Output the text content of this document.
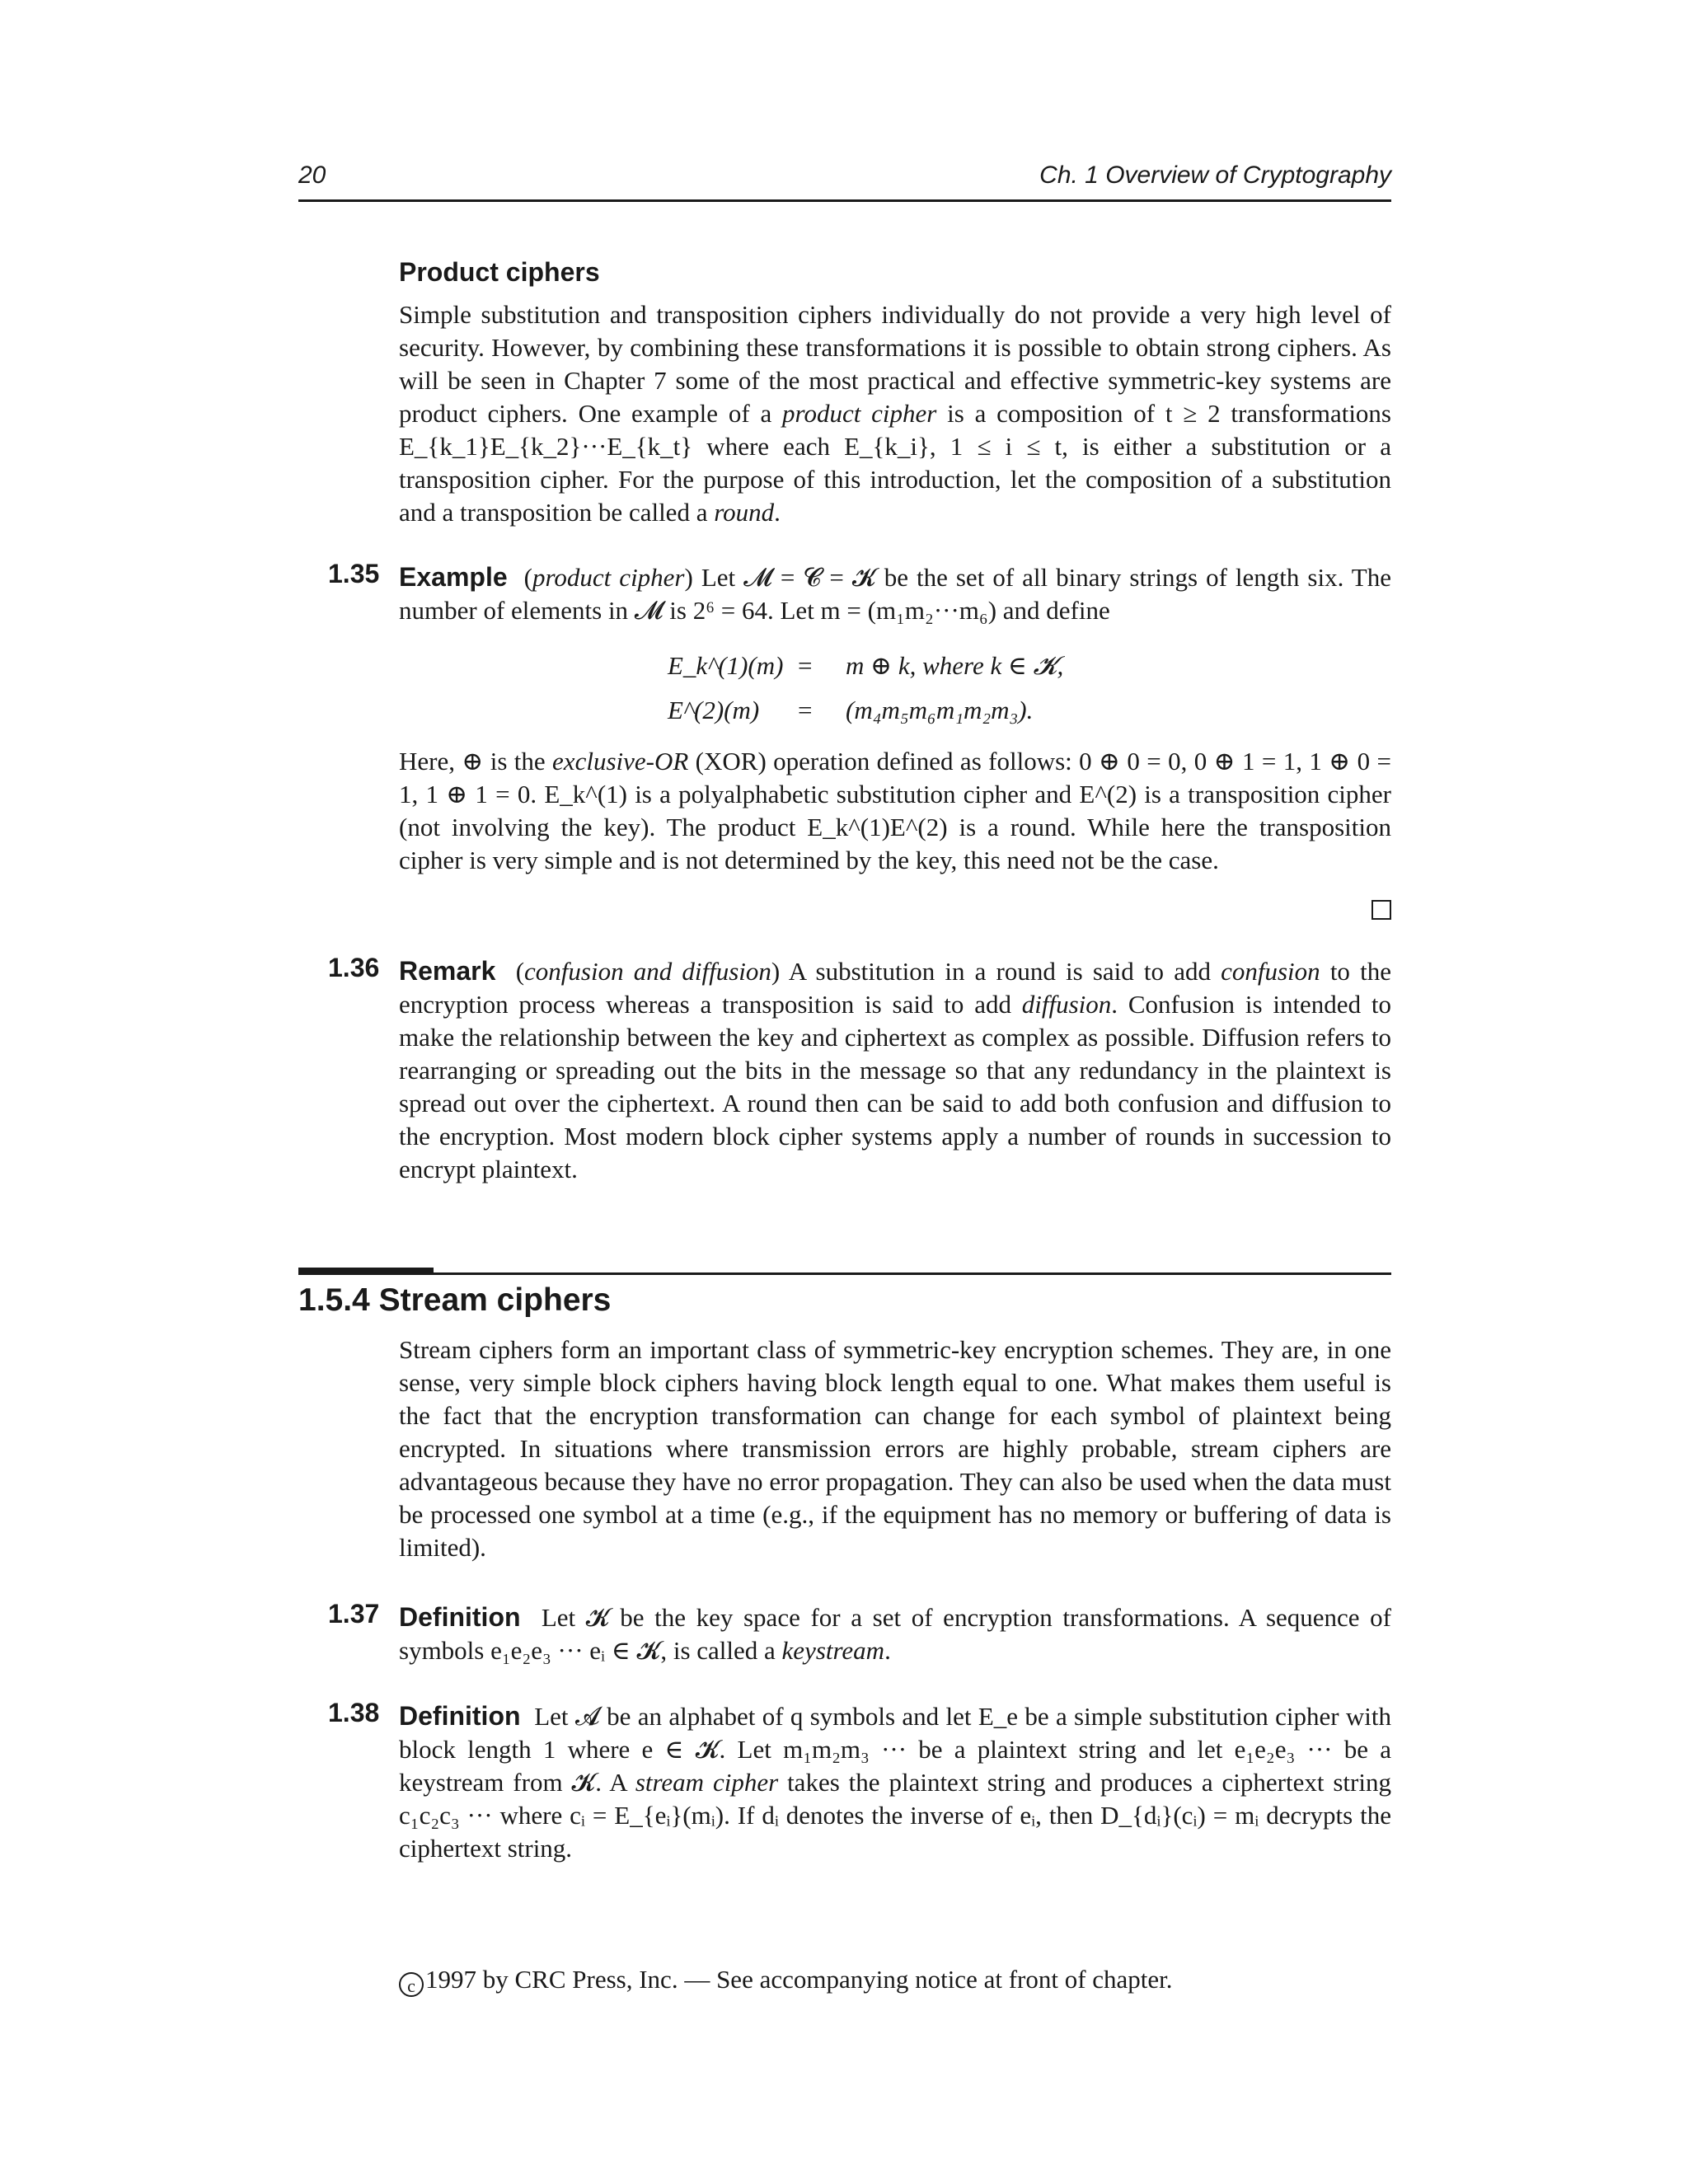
20	Ch. 1 Overview of Cryptography
Product ciphers

Simple substitution and transposition ciphers individually do not provide a very high level of security. However, by combining these transformations it is possible to obtain strong ciphers. As will be seen in Chapter 7 some of the most practical and effective symmetric-key systems are product ciphers. One example of a product cipher is a composition of t ≥ 2 transformations E_{k_1}E_{k_2}···E_{k_t} where each E_{k_i}, 1 ≤ i ≤ t, is either a substitution or a transposition cipher. For the purpose of this introduction, let the composition of a substitution and a transposition be called a round.

1.35 Example  (product cipher) Let 𝓜 = 𝓒 = 𝓚 be the set of all binary strings of length six. The number of elements in 𝓜 is 2⁶ = 64. Let m = (m₁m₂···m₆) and define

E_k^(1)(m) = m ⊕ k, where k ∈ 𝓚,
E^(2)(m) = (m₄m₅m₆m₁m₂m₃).

Here, ⊕ is the exclusive-OR (XOR) operation defined as follows: 0 ⊕ 0 = 0, 0 ⊕ 1 = 1, 1 ⊕ 0 = 1, 1 ⊕ 1 = 0. E_k^(1) is a polyalphabetic substitution cipher and E^(2) is a transposition cipher (not involving the key). The product E_k^(1)E^(2) is a round. While here the transposition cipher is very simple and is not determined by the key, this need not be the case.

1.36 Remark  (confusion and diffusion) A substitution in a round is said to add confusion to the encryption process whereas a transposition is said to add diffusion. Confusion is intended to make the relationship between the key and ciphertext as complex as possible. Diffusion refers to rearranging or spreading out the bits in the message so that any redundancy in the plaintext is spread out over the ciphertext. A round then can be said to add both confusion and diffusion to the encryption. Most modern block cipher systems apply a number of rounds in succession to encrypt plaintext.

1.5.4 Stream ciphers
Stream ciphers form an important class of symmetric-key encryption schemes. They are, in one sense, very simple block ciphers having block length equal to one. What makes them useful is the fact that the encryption transformation can change for each symbol of plaintext being encrypted. In situations where transmission errors are highly probable, stream ciphers are advantageous because they have no error propagation. They can also be used when the data must be processed one symbol at a time (e.g., if the equipment has no memory or buffering of data is limited).
1.37 Definition Let 𝓚 be the key space for a set of encryption transformations. A sequence of symbols e₁e₂e₃ ··· eᵢ ∈ 𝓚, is called a keystream.

1.38 Definition Let 𝓐 be an alphabet of q symbols and let E_e be a simple substitution cipher with block length 1 where e ∈ 𝓚. Let m₁m₂m₃ ··· be a plaintext string and let e₁e₂e₃ ··· be a keystream from 𝓚. A stream cipher takes the plaintext string and produces a ciphertext string c₁c₂c₃ ··· where cᵢ = E_{eᵢ}(mᵢ). If dᵢ denotes the inverse of eᵢ, then D_{dᵢ}(cᵢ) = mᵢ decrypts the ciphertext string.

c 1997 by CRC Press, Inc. — See accompanying notice at front of chapter.
